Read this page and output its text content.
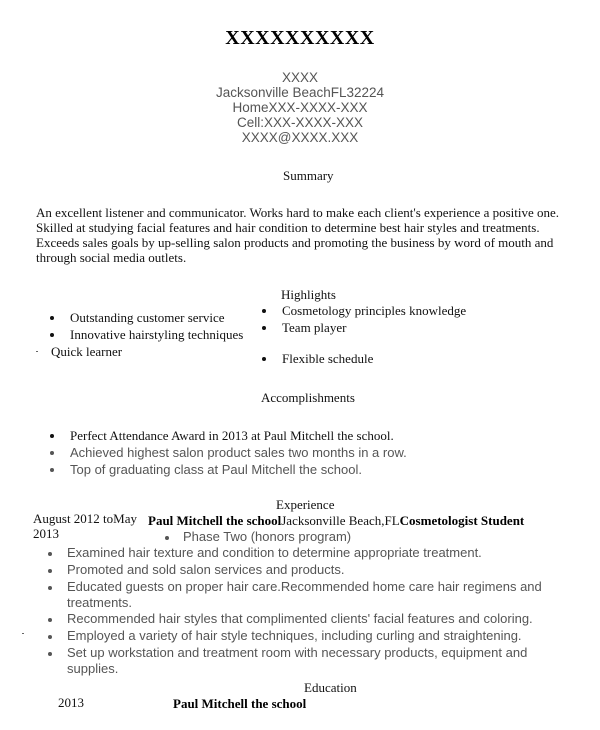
XXXXXXXXXX
XXXX
Jacksonville BeachFL32224
HomeXXX-XXXX-XXX
Cell:XXX-XXXX-XXX
XXXX@XXXX.XXX
Summary
An excellent listener and communicator. Works hard to make each client's experience a positive one. Skilled at studying facial features and hair condition to determine best hair styles and treatments. Exceeds sales goals by up-selling salon products and promoting the business by word of mouth and through social media outlets.
Highlights
Outstanding customer service
Innovative hairstyling techniques
Quick learner
Cosmetology principles knowledge
Team player
Flexible schedule
Accomplishments
Perfect Attendance Award in 2013 at Paul Mitchell the school.
Achieved highest salon product sales two months in a row.
Top of graduating class at Paul Mitchell the school.
Experience
August 2012 toMay
2013
Paul Mitchell the schoolJacksonville Beach,FLCosmetologist Student
Phase Two (honors program)
Examined hair texture and condition to determine appropriate treatment.
Promoted and sold salon services and products.
Educated guests on proper hair care.Recommended home care hair regimens and
treatments.
Recommended hair styles that complimented clients' facial features and coloring.
Employed a variety of hair style techniques, including curling and straightening.
Set up workstation and treatment room with necessary products, equipment and
supplies.
Education
2013	Paul Mitchell the school
